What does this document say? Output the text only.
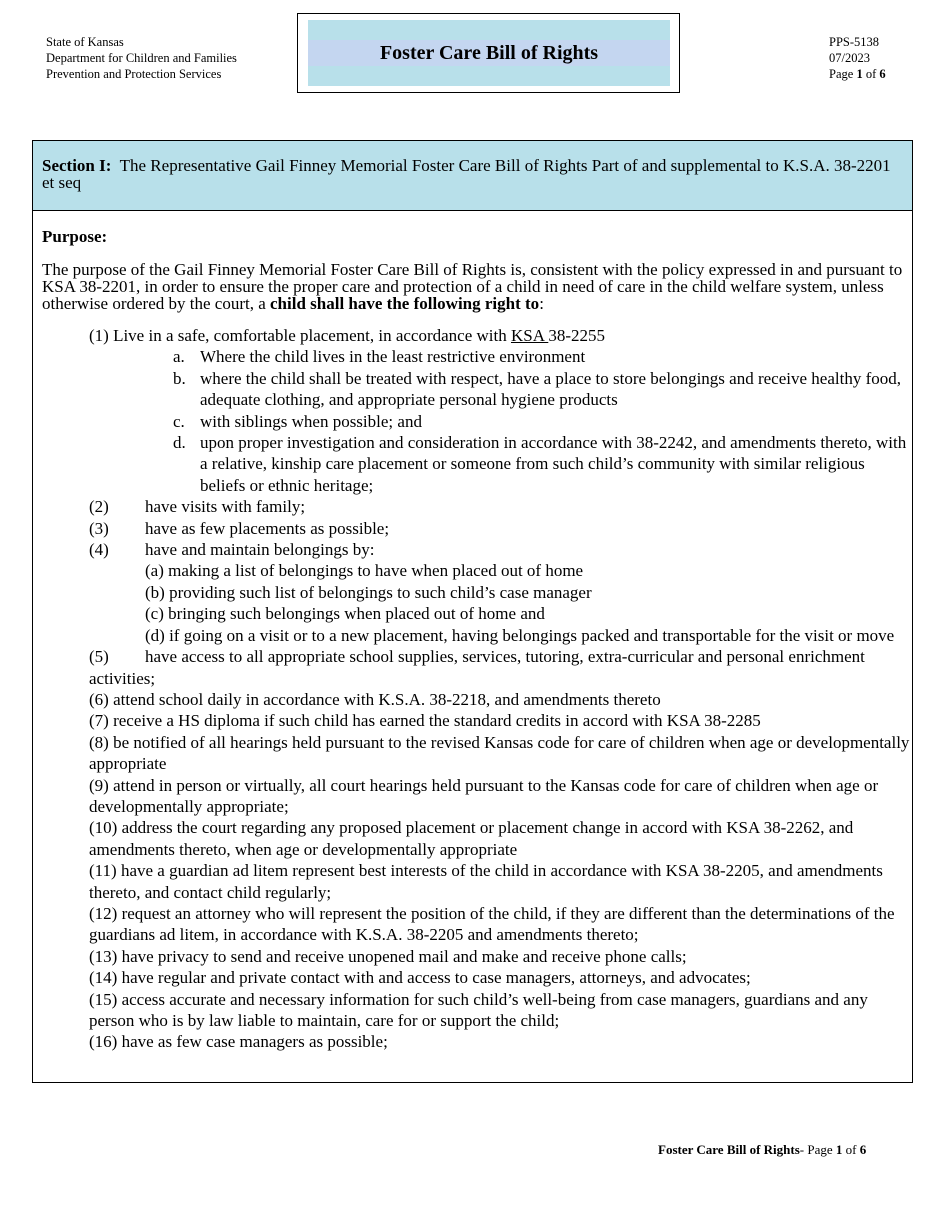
State of Kansas
Department for Children and Families
Prevention and Protection Services
Foster Care Bill of Rights	PPS-5138
07/2023
Page 1 of 6
Section I: The Representative Gail Finney Memorial Foster Care Bill of Rights Part of and supplemental to K.S.A. 38-2201 et seq
Purpose:
The purpose of the Gail Finney Memorial Foster Care Bill of Rights is, consistent with the policy expressed in and pursuant to KSA 38-2201, in order to ensure the proper care and protection of a child in need of care in the child welfare system, unless otherwise ordered by the court, a child shall have the following right to:
(1) Live in a safe, comfortable placement, in accordance with KSA 38-2255
a. Where the child lives in the least restrictive environment
b. where the child shall be treated with respect, have a place to store belongings and receive healthy food, adequate clothing, and appropriate personal hygiene products
c. with siblings when possible; and
d. upon proper investigation and consideration in accordance with 38-2242, and amendments thereto, with a relative, kinship care placement or someone from such child’s community with similar religious beliefs or ethnic heritage;
(2) have visits with family;
(3) have as few placements as possible;
(4) have and maintain belongings by:
(a) making a list of belongings to have when placed out of home
(b) providing such list of belongings to such child’s case manager
(c) bringing such belongings when placed out of home and
(d) if going on a visit or to a new placement, having belongings packed and transportable for the visit or move
(5) have access to all appropriate school supplies, services, tutoring, extra-curricular and personal enrichment activities;
(6) attend school daily in accordance with K.S.A. 38-2218, and amendments thereto
(7) receive a HS diploma if such child has earned the standard credits in accord with KSA 38-2285
(8) be notified of all hearings held pursuant to the revised Kansas code for care of children when age or developmentally appropriate
(9) attend in person or virtually, all court hearings held pursuant to the Kansas code for care of children when age or developmentally appropriate;
(10) address the court regarding any proposed placement or placement change in accord with KSA 38-2262, and amendments thereto, when age or developmentally appropriate
(11) have a guardian ad litem represent best interests of the child in accordance with KSA 38-2205, and amendments thereto, and contact child regularly;
(12) request an attorney who will represent the position of the child, if they are different than the determinations of the guardians ad litem, in accordance with K.S.A. 38-2205 and amendments thereto;
(13) have privacy to send and receive unopened mail and make and receive phone calls;
(14) have regular and private contact with and access to case managers, attorneys, and advocates;
(15) access accurate and necessary information for such child’s well-being from case managers, guardians and any person who is by law liable to maintain, care for or support the child;
(16) have as few case managers as possible;
Foster Care Bill of Rights- Page 1 of 6
